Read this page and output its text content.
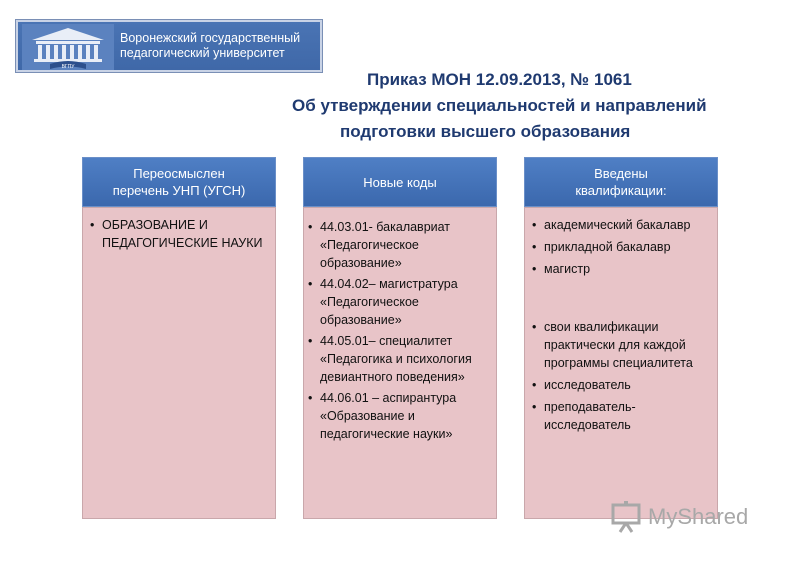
ВГПУ
Воронежский государственный
педагогический университет
Приказ МОН 12.09.2013, № 1061
Об утверждении специальностей и направлений
подготовки высшего образования
Переосмыслен
перечень УНП (УГСН)
• ОБРАЗОВАНИЕ И ПЕДАГОГИЧЕСКИЕ НАУКИ
Новые коды
• 44.03.01- бакалавриат «Педагогическое образование»
• 44.04.02– магистратура «Педагогическое образование»
• 44.05.01– специалитет «Педагогика и психология девиантного поведения»
• 44.06.01 – аспирантура «Образование и педагогические науки»
Введены
квалификации:
• академический бакалавр
• прикладной бакалавр
• магистр
• свои квалификации практически для каждой программы специалитета
• исследователь
• преподаватель-исследователь
MyShared
